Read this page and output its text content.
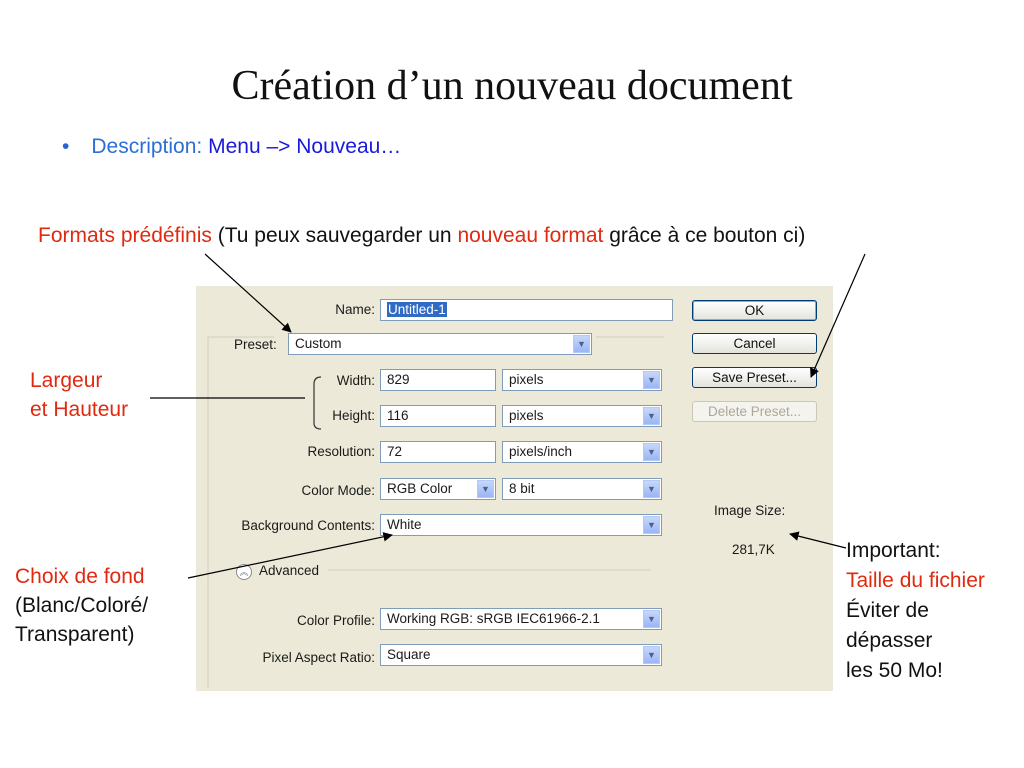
Création d’un nouveau document
• Description: Menu –> Nouveau…
Formats prédéfinis (Tu peux sauvegarder un nouveau format grâce à ce bouton ci)
Largeur
et Hauteur
Choix de fond
(Blanc/Coloré/
Transparent)
Important:
Taille du fichier
Éviter de
dépasser
les 50 Mo!
Name: Untitled-1
Preset:	Custom	▼
Width: 829	pixels	▼
Height: 116	pixels	▼
Resolution: 72	pixels/inch	▼
Color Mode: RGB Color	▼	8 bit	▼
Background Contents: White	▼
︽ Advanced
Color Profile: Working RGB: sRGB IEC61966-2.1	▼
Pixel Aspect Ratio: Square	▼
OK
Cancel
Save Preset...
Delete Preset...
Image Size:
281,7K
